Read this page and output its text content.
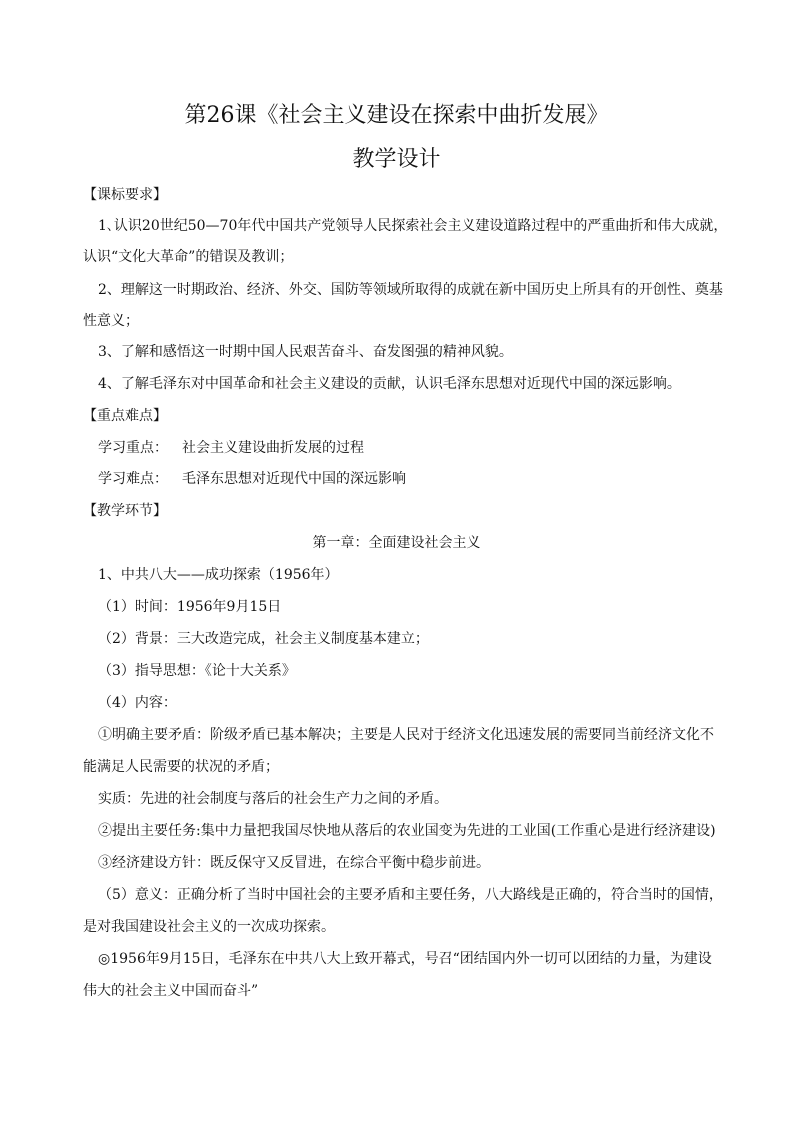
第26课《社会主义建设在探索中曲折发展》
教学设计
【课标要求】
1､认识20世纪50—70年代中国共产党领导人民探索社会主义建设道路过程中的严重曲折和伟大成就，
认识“文化大革命”的错误及教训；
2、理解这一时期政治、经济、外交、国防等领域所取得的成就在新中国历史上所具有的开创性、奠基
性意义；
3、了解和感悟这一时期中国人民艰苦奋斗、奋发图强的精神风貌。
4、了解毛泽东对中国革命和社会主义建设的贡献，认识毛泽东思想对近现代中国的深远影响。
【重点难点】
学习重点： 社会主义建设曲折发展的过程
学习难点： 毛泽东思想对近现代中国的深远影响
【教学环节】
第一章：全面建设社会主义
1、中共八大——成功探索（1956年）
（1）时间：1956年9月15日
（2）背景：三大改造完成，社会主义制度基本建立；
（3）指导思想：《论十大关系》
（4）内容：
①明确主要矛盾：阶级矛盾已基本解决；主要是人民对于经济文化迅速发展的需要同当前经济文化不
能满足人民需要的状况的矛盾；
实质：先进的社会制度与落后的社会生产力之间的矛盾。
②提出主要任务:集中力量把我国尽快地从落后的农业国变为先进的工业国(工作重心是进行经济建设)
③经济建设方针：既反保守又反冒进，在综合平衡中稳步前进。
（5）意义：正确分析了当时中国社会的主要矛盾和主要任务，八大路线是正确的，符合当时的国情，
是对我国建设社会主义的一次成功探索。
◎1956年9月15日，毛泽东在中共八大上致开幕式，号召“团结国内外一切可以团结的力量，为建设
伟大的社会主义中国而奋斗”
